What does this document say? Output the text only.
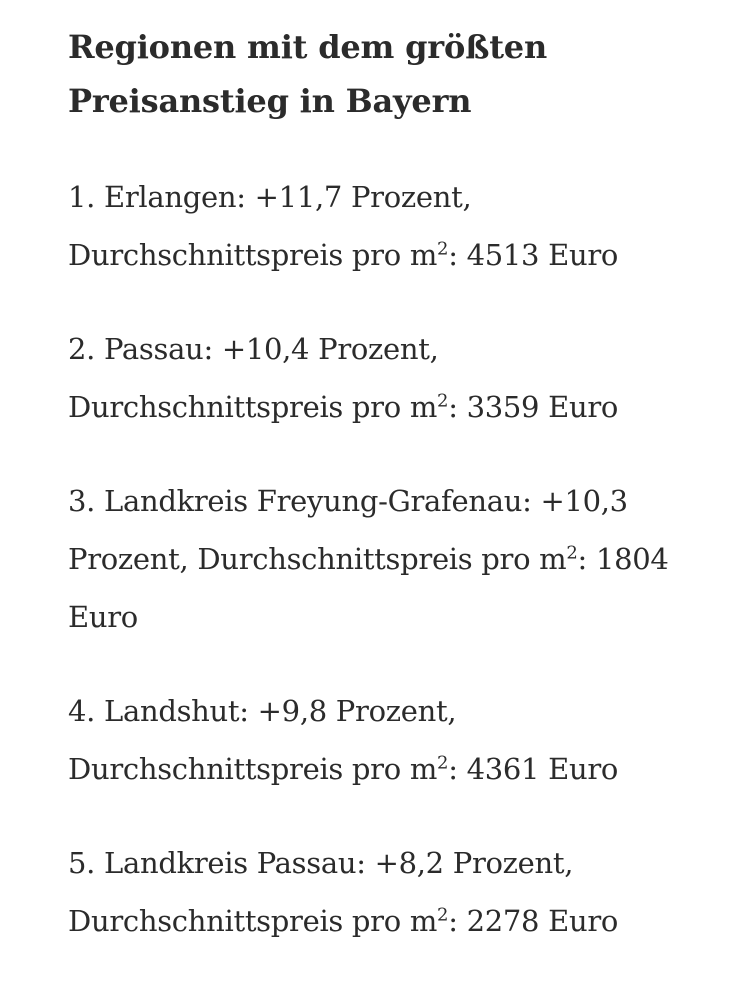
Regionen mit dem größten Preisanstieg in Bayern
1. Erlangen: +11,7 Prozent,
Durchschnittspreis pro $m^2$: 4513 Euro
2. Passau: +10,4 Prozent,
Durchschnittspreis pro $m^2$: 3359 Euro
3. Landkreis Freyung-Grafenau: +10,3 Prozent, Durchschnittspreis pro $m^2$: 1804 Euro
4. Landshut: +9,8 Prozent,
Durchschnittspreis pro $m^2$: 4361 Euro
5. Landkreis Passau: +8,2 Prozent,
Durchschnittspreis pro $m^2$: 2278 Euro
